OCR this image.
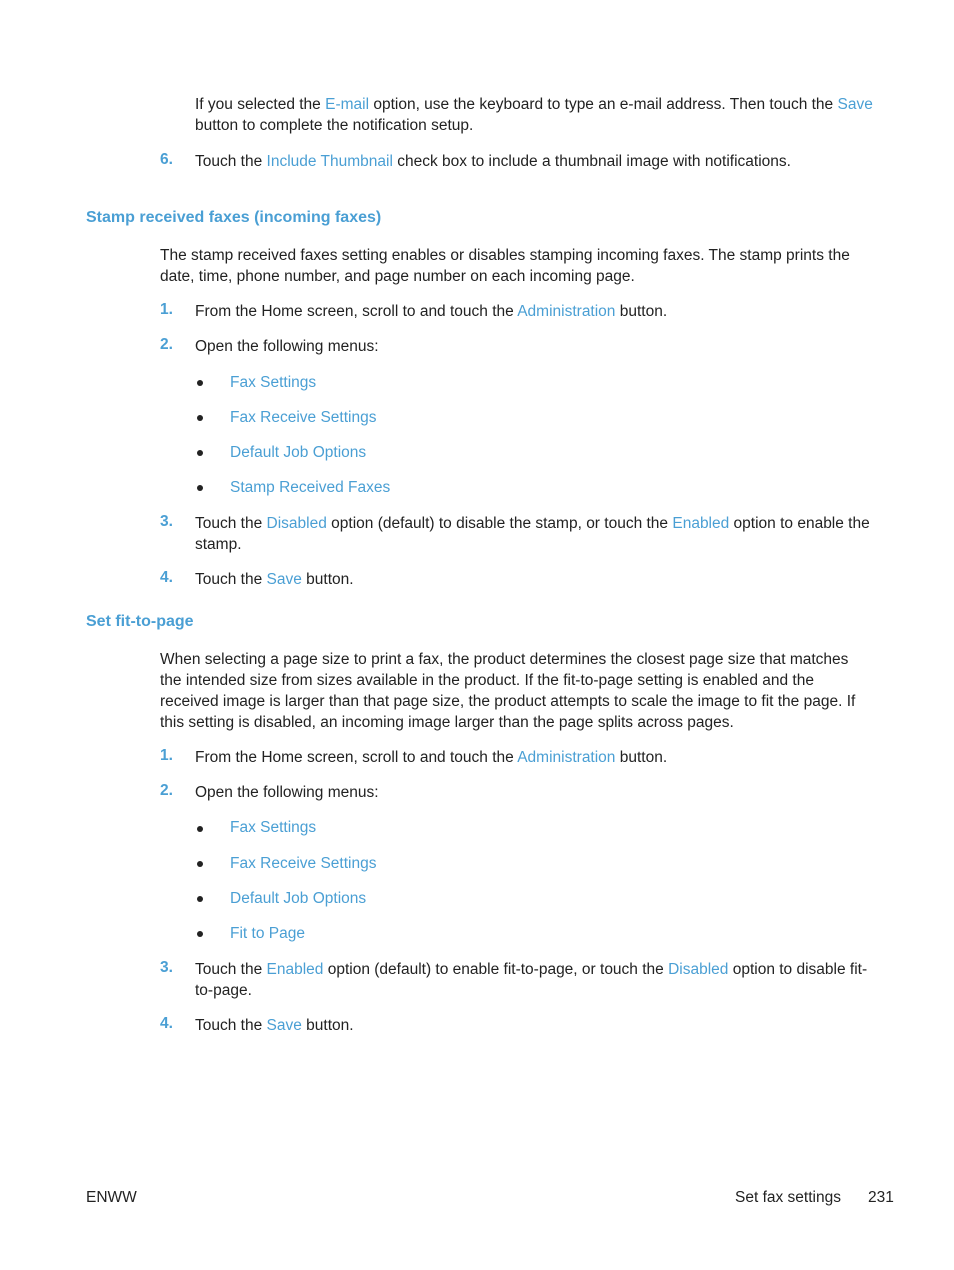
If you selected the E-mail option, use the keyboard to type an e-mail address. Then touch the Save
button to complete the notification setup.
6.	Touch the Include Thumbnail check box to include a thumbnail image with notifications.
Stamp received faxes (incoming faxes)
The stamp received faxes setting enables or disables stamping incoming faxes. The stamp prints the
date, time, phone number, and page number on each incoming page.
1.	From the Home screen, scroll to and touch the Administration button.
2.	Open the following menus:
Fax Settings
Fax Receive Settings
Default Job Options
Stamp Received Faxes
3.	Touch the Disabled option (default) to disable the stamp, or touch the Enabled option to enable the
stamp.
4.	Touch the Save button.
Set fit-to-page
When selecting a page size to print a fax, the product determines the closest page size that matches
the intended size from sizes available in the product. If the fit-to-page setting is enabled and the
received image is larger than that page size, the product attempts to scale the image to fit the page. If
this setting is disabled, an incoming image larger than the page splits across pages.
1.	From the Home screen, scroll to and touch the Administration button.
2.	Open the following menus:
Fax Settings
Fax Receive Settings
Default Job Options
Fit to Page
3.	Touch the Enabled option (default) to enable fit-to-page, or touch the Disabled option to disable fit-
to-page.
4.	Touch the Save button.
ENWW	Set fax settings 231
